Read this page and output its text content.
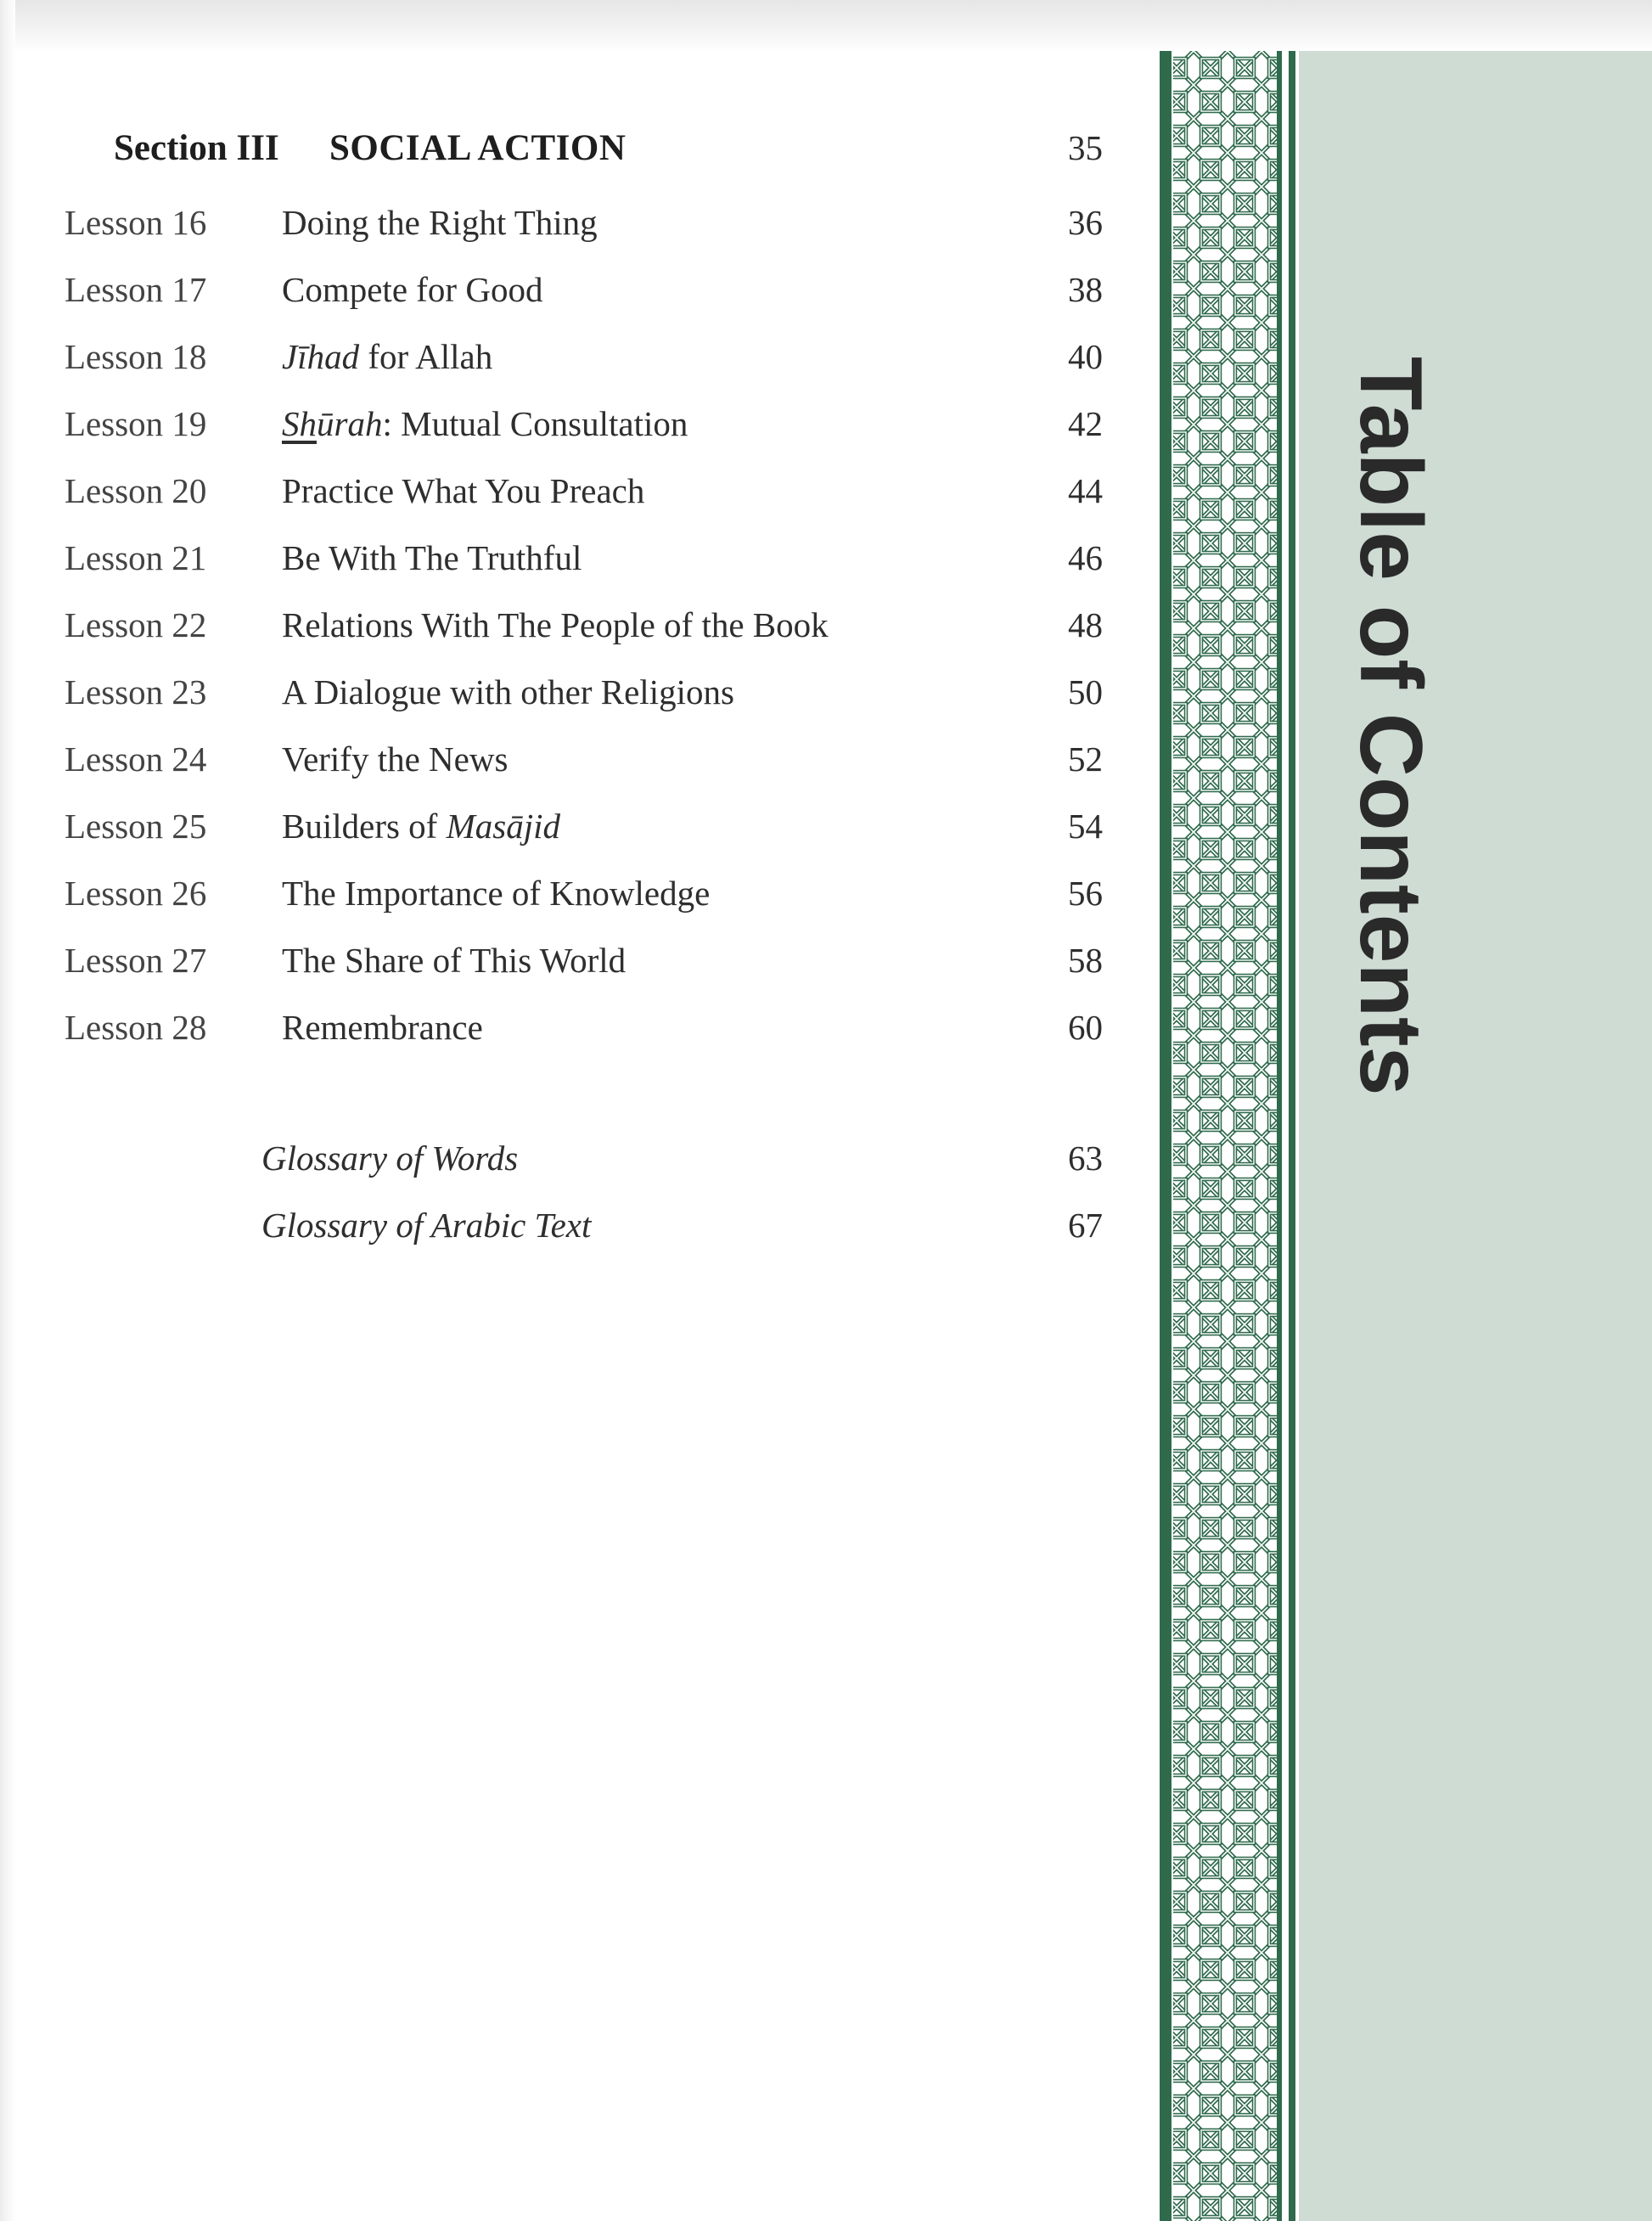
Section III SOCIAL ACTION	35
Lesson 16 Doing the Right Thing	36
Lesson 17 Compete for Good	38
Lesson 18 Jīhad for Allah	40
Lesson 19 Shūrah: Mutual Consultation	42
Lesson 20 Practice What You Preach	44
Lesson 21 Be With The Truthful	46
Lesson 22 Relations With The People of the Book	48
Lesson 23 A Dialogue with other Religions	50
Lesson 24 Verify the News	52
Lesson 25 Builders of Masājid	54
Lesson 26 The Importance of Knowledge	56
Lesson 27 The Share of This World	58
Lesson 28 Remembrance	60
Glossary of Words	63
Glossary of Arabic Text	67
Table of Contents
